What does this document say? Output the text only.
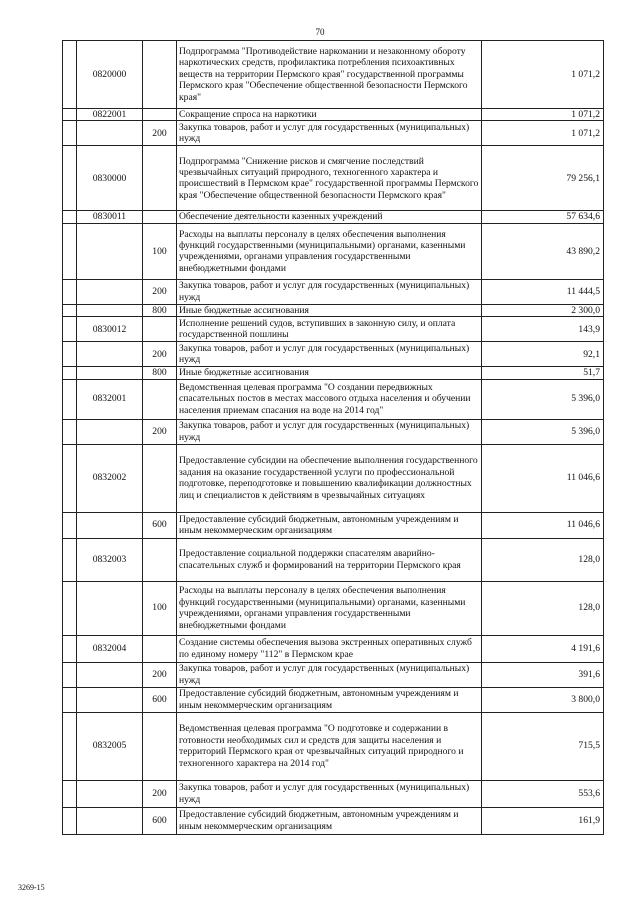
70
	0820000		Подпрограмма "Противодействие наркомании и незаконному обороту наркотических средств, профилактика потребления психоактивных веществ на территории Пермского края" государственной программы Пермского края "Обеспечение общественной безопасности Пермского края"	1 071,2
	0822001		Сокращение спроса на наркотики	1 071,2
		200	Закупка товаров, работ и услуг для государственных (муниципальных) нужд	1 071,2
	0830000		Подпрограмма "Снижение рисков и смягчение последствий чрезвычайных ситуаций природного, техногенного характера и происшествий в Пермском крае" государственной программы Пермского края "Обеспечение общественной безопасности Пермского края"	79 256,1
	0830011		Обеспечение деятельности казенных учреждений	57 634,6
		100	Расходы на выплаты персоналу в целях обеспечения выполнения функций государственными (муниципальными) органами, казенными учреждениями, органами управления государственными внебюджетными фондами	43 890,2
		200	Закупка товаров, работ и услуг для государственных (муниципальных) нужд	11 444,5
		800	Иные бюджетные ассигнования	2 300,0
	0830012		Исполнение решений судов, вступивших в законную силу, и оплата государственной пошлины	143,9
		200	Закупка товаров, работ и услуг для государственных (муниципальных) нужд	92,1
		800	Иные бюджетные ассигнования	51,7
	0832001		Ведомственная целевая программа "О создании передвижных спасательных постов в местах массового отдыха населения и обучении населения приемам спасания на воде на 2014 год"	5 396,0
		200	Закупка товаров, работ и услуг для государственных (муниципальных) нужд	5 396,0
	0832002		Предоставление субсидии на обеспечение выполнения государственного задания на оказание государственной услуги по профессиональной подготовке, переподготовке и повышению квалификации должностных лиц и специалистов к действиям в чрезвычайных ситуациях	11 046,6
		600	Предоставление субсидий бюджетным, автономным учреждениям и иным некоммерческим организациям	11 046,6
	0832003		Предоставление социальной поддержки спасателям аварийно-спасательных служб и формирований на территории Пермского края	128,0
		100	Расходы на выплаты персоналу в целях обеспечения выполнения функций государственными (муниципальными) органами, казенными учреждениями, органами управления государственными внебюджетными фондами	128,0
	0832004		Создание системы обеспечения вызова экстренных оперативных служб по единому номеру "112" в Пермском крае	4 191,6
		200	Закупка товаров, работ и услуг для государственных (муниципальных) нужд	391,6
		600	Предоставление субсидий бюджетным, автономным учреждениям и иным некоммерческим организациям	3 800,0
	0832005		Ведомственная целевая программа "О подготовке и содержании в готовности необходимых сил и средств для защиты населения и территорий Пермского края от чрезвычайных ситуаций природного и техногенного характера на 2014 год"	715,5
		200	Закупка товаров, работ и услуг для государственных (муниципальных) нужд	553,6
		600	Предоставление субсидий бюджетным, автономным учреждениям и иным некоммерческим организациям	161,9
3269-15
